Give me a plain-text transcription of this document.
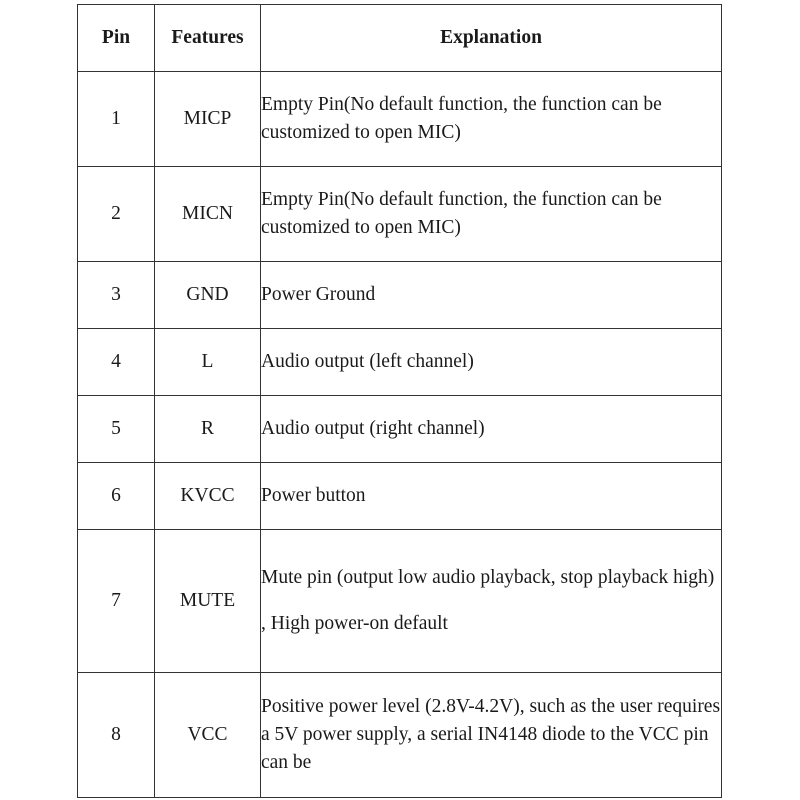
Pin	Features	Explanation
1	MICP	Empty Pin(No default function, the function can be customized to open MIC)
2	MICN	Empty Pin(No default function, the function can be customized to open MIC)
3	GND	Power Ground
4	L	Audio output (left channel)
5	R	Audio output (right channel)
6	KVCC	Power button
7	MUTE	Mute pin (output low audio playback, stop playback high)
, High power-on default

8	VCC	Positive power level (2.8V-4.2V), such as the user requires a 5V power supply, a serial IN4148 diode to the VCC pin can be
